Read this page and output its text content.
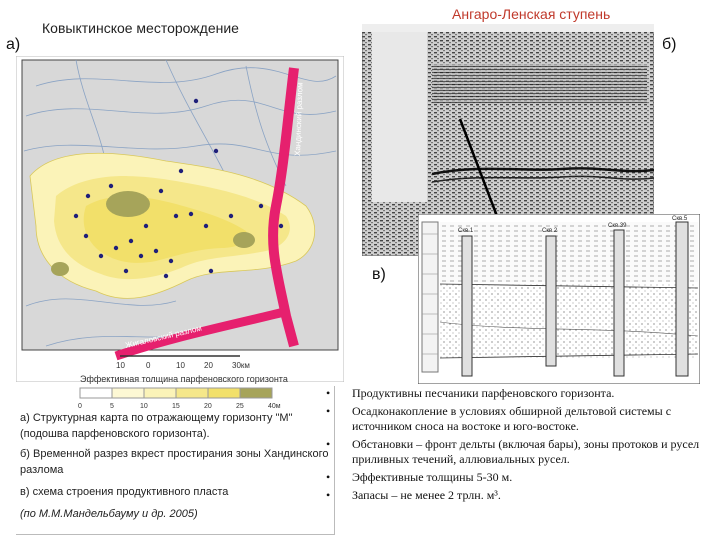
а)
Ковыктинское месторождение
Хандинский разлом
Жигаловский разлом
10	0	10 20 30км
Эффективная толщина парфеновского горизонта
0	5	10	15	20	25	40м
Ангаро-Ленская ступень
б)
в)
Скв.1	Скв.2
Скв.39
Скв.5
а) Структурная карта по отражающему горизонту "М" (подошва парфеновского горизонта).
б) Временной разрез вкрест простирания зоны Хандинского разлома
в) схема строения продуктивного пласта
(по М.М.Мандельбауму и др. 2005)
• Продуктивны песчаники парфеновского горизонта.
• Осадконакопление в условиях обширной дельтовой системы с источником сноса на востоке и юго-востоке.
• Обстановки – фронт дельты (включая бары), зоны протоков и русел приливных течений, аллювиальных русел.
• Эффективные толщины 5-30 м.
• Запасы – не менее 2 трлн. м³.
